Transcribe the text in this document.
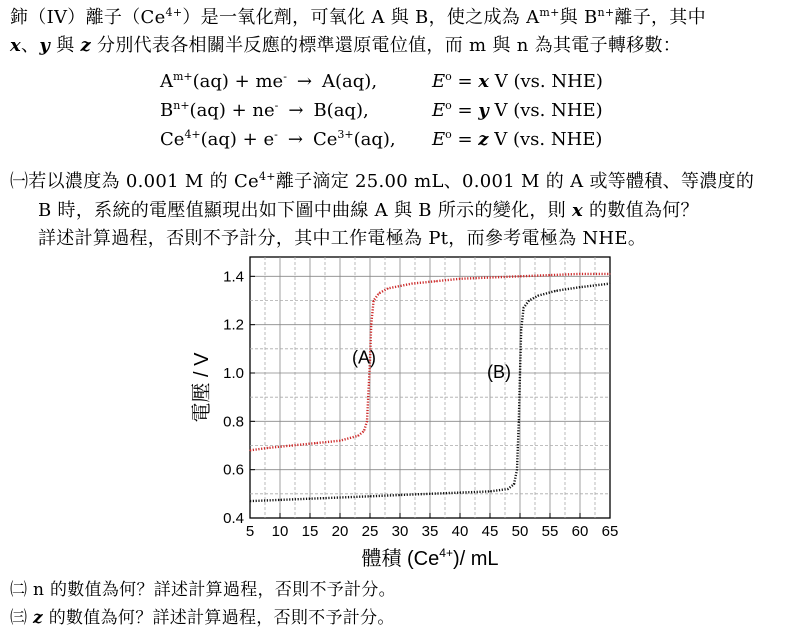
鈰（IV）離子$(Ce^{4+})$是一氧化劑，可氧化 A 與 B，使之成為 $A^{m+}$與 $B^{n+}$離子，其中
x、y 與 z 分別代表各相關半反應的標準還原電位值，而 m 與 n 為其電子轉移數：
$A^{m+}(aq) + me^- \to A(aq)$,	$E^o = x$ V (vs. NHE)
$B^{n+}(aq) + ne^- \to B(aq)$,	$E^o = y$ V (vs. NHE)
$Ce^{4+}(aq) + e^- \to Ce^{3+}(aq)$, $E^o = z$ V (vs. NHE)
㈠若以濃度為 0.001 M 的 $Ce^{4+}$離子滴定 25.00 mL、0.001 M 的 A 或等體積、等濃度的
B 時，系統的電壓值顯現出如下圖中曲線 A 與 B 所示的變化，則 x 的數值為何？
詳述計算過程，否則不予計分，其中工作電極為 Pt，而參考電極為 NHE。
5 10 15 20 25 30 35 40 45 50 55 60 65
0.4
0.6
0.8
1.0
1.2
1.4
(A)
(B)
電壓 / V
體積 $(Ce^{4+})/$ mL
㈡ n 的數值為何？詳述計算過程，否則不予計分。
㈢ z 的數值為何？詳述計算過程，否則不予計分。
